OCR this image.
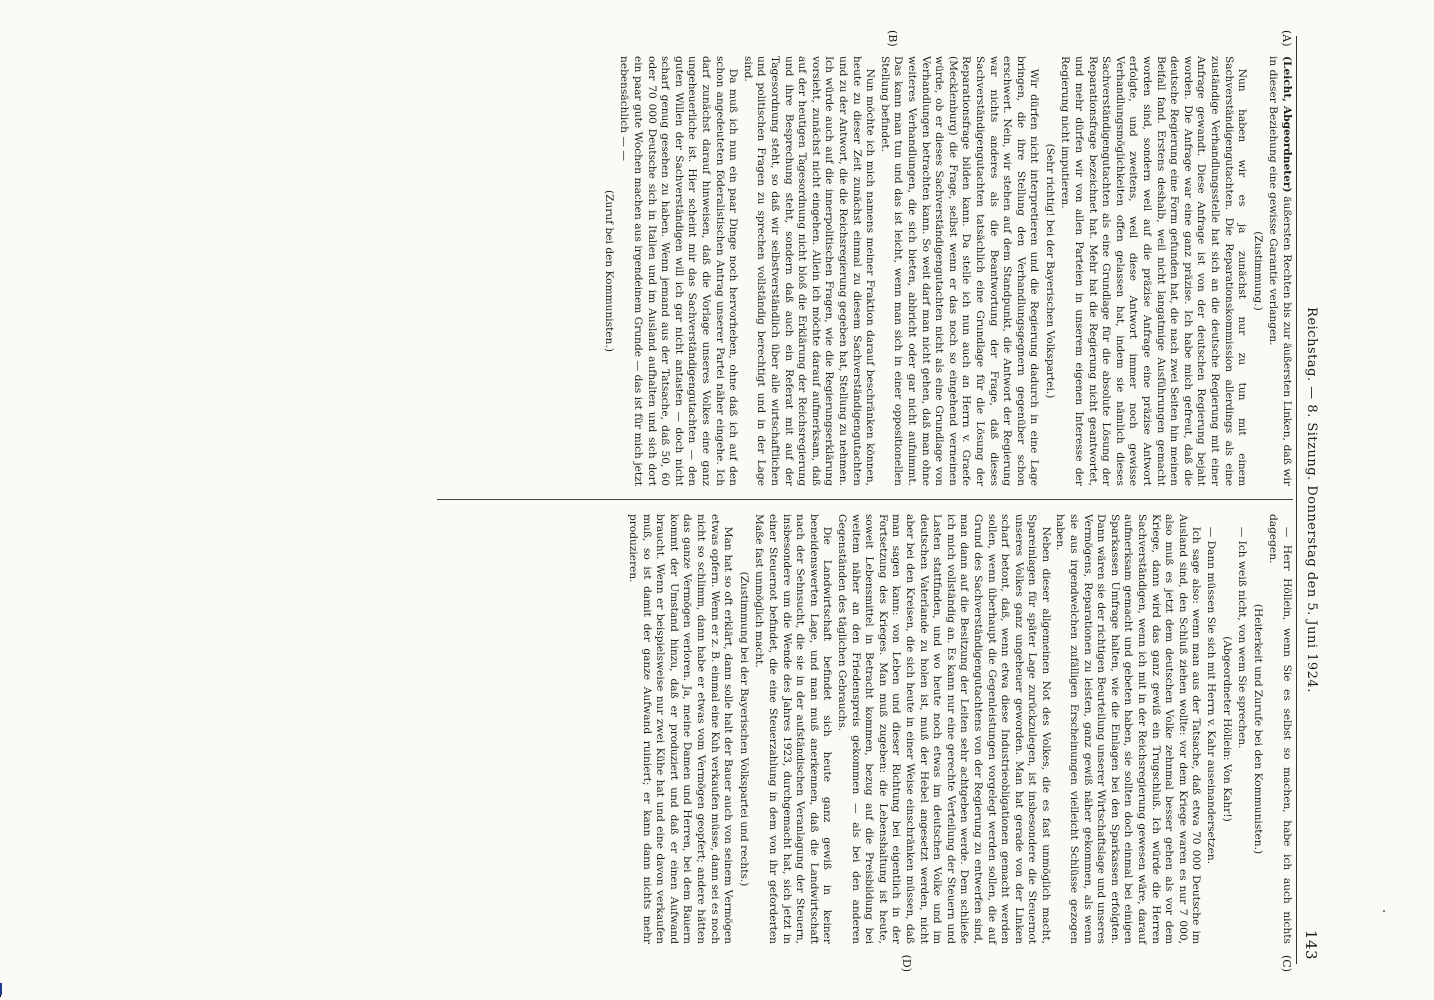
Reichstag. — 8. Sitzung. Donnerstag den 5. Juni 1924.
143
(A)
(B)
(C)
(D)

(Leicht, Abgeordneter) äußersten Rechten bis zur äußersten Linken, daß wir in dieser Beziehung eine gewisse Garantie verlangen.

(Zustimmung.)

Nun haben wir es ja zunächst nur zu tun mit einem Sachverständigengutachten. Die Reparationskommission allerdings als eine zuständige Verhandlungsstelle hat sich an die deutsche Regierung mit einer Anfrage gewandt. Diese Anfrage ist von der deutschen Regierung bejaht worden. Die Anfrage war eine ganz präzise. Ich habe mich gefreut, daß die deutsche Regierung eine Form gefunden hat, die nach zwei Seiten hin meinen Beifall fand. Erstens deshalb, weil nicht langatmige Ausführungen gemacht worden sind, sondern weil auf die präzise Anfrage eine präzise Antwort erfolgte, und zweitens, weil diese Antwort immer noch gewisse Verhandlungsmöglichkeiten offen gelassen hat, indem sie nämlich dieses Sachverständigengutachten als eine Grundlage für die absolute Lösung der Reparationsfrage bezeichnet hat. Mehr hat die Regierung nicht geantwortet, und mehr dürfen wir von allen Parteien in unserem eigenen Interesse der Regierung nicht imputieren.

(Sehr richtig! bei der Bayerischen Volkspartei.)

Wir dürfen nicht interpretieren und die Regierung dadurch in eine Lage bringen, die ihre Stellung den Verhandlungsgegnern gegenüber schon erschwert. Nein, wir stehen auf dem Standpunkt, die Antwort der Regierung war nichts anderes als die Beantwortung der Frage, daß dieses Sachverständigengutachten tatsächlich eine Grundlage für die Lösung der Reparationsfrage bilden kann. Da stelle ich nun auch an Herrn v. Graefe (Mecklenburg) die Frage, selbst wenn er das noch so eingehend verneinen würde, ob er dieses Sachverständigengutachten nicht als eine Grundlage von Verhandlungen betrachten kann. So weit darf man nicht gehen, daß man ohne weiteres Verhandlungen, die sich bieten, abbricht oder gar nicht aufnimmt. Das kann man tun und das ist leicht, wenn man sich in einer oppositionellen Stellung befindet.

Nun möchte ich mich namens meiner Fraktion darauf beschränken können, heute zu dieser Zeit zunächst einmal zu diesem Sachverständigengutachten und zu der Antwort, die die Reichsregierung gegeben hat, Stellung zu nehmen. Ich würde auch auf die innerpolitischen Fragen, wie die Regierungserklärung vorsieht, zunächst nicht eingehen. Allein ich möchte darauf aufmerksam, daß auf der heutigen Tagesordnung nicht bloß die Erklärung der Reichsregierung und ihre Besprechung steht, sondern daß auch ein Referat mit auf der Tagesordnung steht, so daß wir selbstverständlich über alle wirtschaftlichen und politischen Fragen zu sprechen vollständig berechtigt und in der Lage sind.

Da muß ich nun ein paar Dinge noch hervorheben, ohne daß ich auf den schon angedeuteten föderalistischen Antrag unserer Partei näher eingehe. Ich darf zunächst darauf hinweisen, daß die Vorlage unseres Volkes eine ganz ungeheuerliche ist. Hier scheint mir das Sachverständigengutachten — den guten Willen der Sachverständigen will ich gar nicht antasten — doch nicht scharf genug gesehen zu haben. Wenn jemand aus der Tatsache, daß 50, 60 oder 70 000 Deutsche sich in Italien und im Ausland aufhalten und sich dort ein paar gute Wochen machen aus irgendeinem Grunde — das ist für mich jetzt nebensächlich — —

(Zuruf bei den Kommunisten.)

— Herr Höllein, wenn Sie es selbst so machen, habe ich auch nichts dagegen.

(Heiterkeit und Zurufe bei den Kommunisten.)

— Ich weiß nicht, von wem Sie sprechen.

(Abgeordneter Höllein: Von Kahr!)

— Dann müssen Sie sich mit Herrn v. Kahr auseinandersetzen.

Ich sage also: wenn man aus der Tatsache, daß etwa 70 000 Deutsche im Ausland sind, den Schluß ziehen wollte: vor dem Kriege waren es nur 7 000, also muß es jetzt dem deutschen Volke zehnmal besser gehen als vor dem Kriege, dann wird das ganz gewiß ein Trugschluß. Ich würde die Herren Sachverständigen, wenn ich mit in der Reichsregierung gewesen wäre, darauf aufmerksam gemacht und gebeten haben, sie sollten doch einmal bei einigen Sparkassen Umfrage halten, wie die Einlagen bei den Sparkassen erfolgten. Dann wären sie der richtigen Beurteilung unserer Wirtschaftslage und unseres Vermögens, Reparationen zu leisten, ganz gewiß näher gekommen, als wenn sie aus irgendwelchen zufälligen Erscheinungen vielleicht Schlüsse gezogen haben.

Neben dieser allgemeinen Not des Volkes, die es fast unmöglich macht, Spareinlagen für später Lage zurückzulegen, ist insbesondere die Steuernot unseres Volkes ganz ungeheuer geworden. Man hat gerade von der Linken scharf betont, daß, wenn etwa diese Industrieobligationen gemacht werden sollen, wenn überhaupt die Gegenleistungen vorgelegt werden sollen, die auf Grund des Sachverständigengutachtens von der Regierung zu entwerfen sind, man dann auf die Besitzung der Leiten sehr achtgeben werde. Dem schließe ich mich vollständig an. Es kann nur eine gerechte Verteilung der Steuern und Lasten stattfinden, und wo heute noch etwas im deutschen Volke und im deutschen Vaterlande zu holen ist, muß der Hebel angesetzt werden, nicht aber bei den Kreisen, die sich heute in einer Weise einschränken müssen, daß man sagen kann: von Leben und dieser Richtung bei eigentlich in der Fortsetzung des Krieges. Man muß zugeben: die Lebenshaltung ist heute, soweit Lebensmittel in Betracht kommen, bezug auf die Preisbildung bei weitem näher an den Friedenspreis gekommen — als bei den anderen Gegenständen des täglichen Gebrauchs.

Die Landwirtschaft befindet sich heute ganz gewiß in keiner beneidenswerten Lage, und man muß anerkennen, daß die Landwirtschaft nach der Sehnsucht, die sie in der aufständischen Veranlagung der Steuern, insbesondere um die Wende des Jahres 1923, durchgemacht hat, sich jetzt in einer Steuernot befindet, die eine Steuerzahlung in dem von ihr geforderten Maße fast unmöglich macht.

(Zustimmung bei der Bayerischen Volkspartei und rechts.)

Man hat so oft erklärt, dann solle halt der Bauer auch von seinem Vermögen etwas opfern. Wenn er z. B. einmal eine Kuh verkaufen müsse, dann sei es noch nicht so schlimm, dann habe er etwas vom Vermögen geopfert; andere hätten das ganze Vermögen verloren. Ja, meine Damen und Herren, bei dem Bauern kommt der Umstand hinzu, daß er produziert und daß er einen Aufwand braucht. Wenn er beispielsweise nur zwei Kühe hat und eine davon verkaufen muß, so ist damit der ganze Aufwand ruiniert; er kann dann nichts mehr produzieren.
